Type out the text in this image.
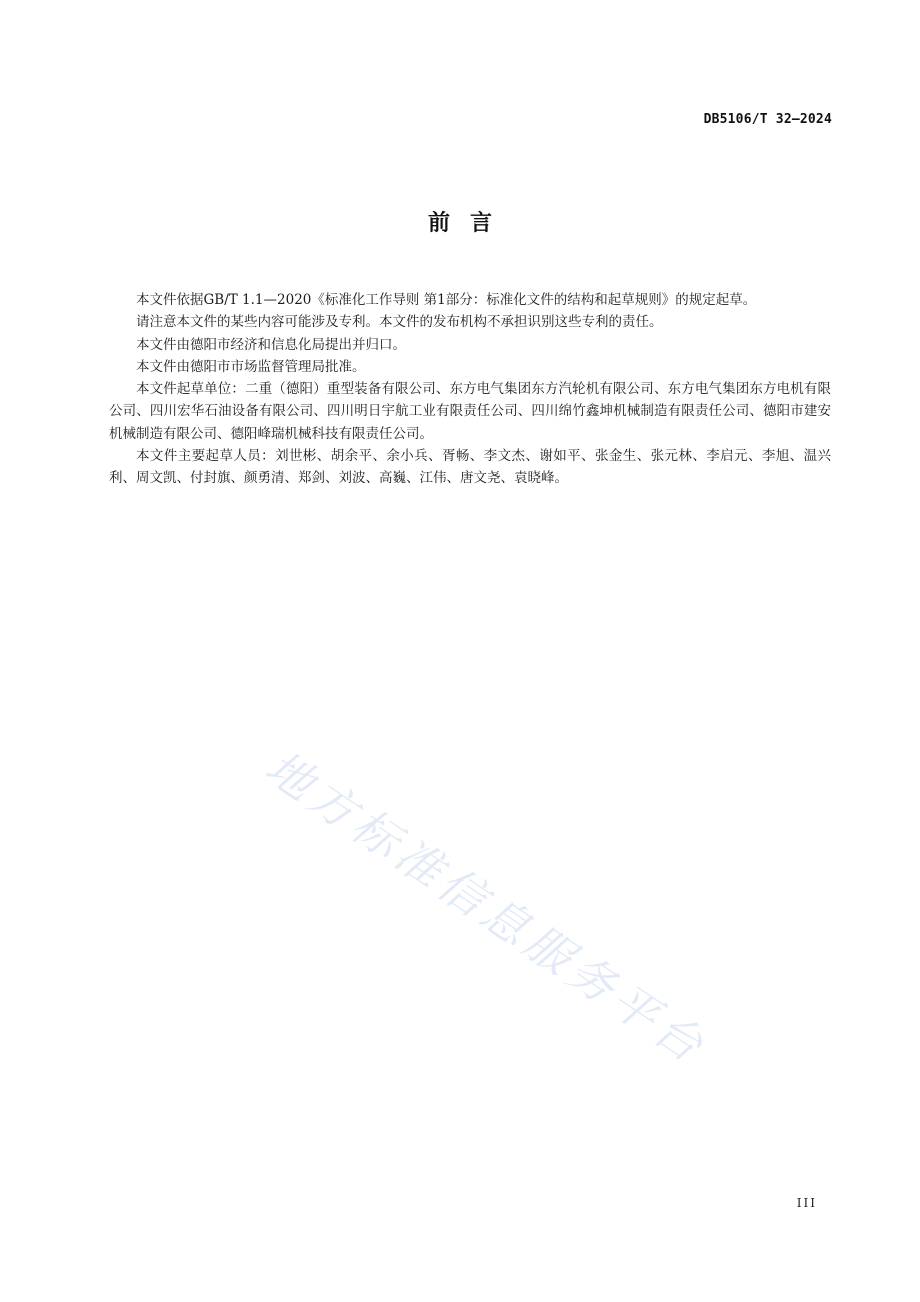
DB5106/T 32—2024
前言

本文件依据GB/T 1.1—2020《标准化工作导则 第1部分：标准化文件的结构和起草规则》的规定起草。

请注意本文件的某些内容可能涉及专利。本文件的发布机构不承担识别这些专利的责任。

本文件由德阳市经济和信息化局提出并归口。

本文件由德阳市市场监督管理局批准。

本文件起草单位：二重（德阳）重型装备有限公司、东方电气集团东方汽轮机有限公司、东方电气集团东方电机有限公司、四川宏华石油设备有限公司、四川明日宇航工业有限责任公司、四川绵竹鑫坤机械制造有限责任公司、德阳市建安机械制造有限公司、德阳峰瑞机械科技有限责任公司。

本文件主要起草人员：刘世彬、胡余平、余小兵、胥畅、李文杰、谢如平、张金生、张元林、李启元、李旭、温兴利、周文凯、付封旗、颜勇清、郑剑、刘波、高巍、江伟、唐文尧、袁晓峰。

地方标准信息服务平台
III
